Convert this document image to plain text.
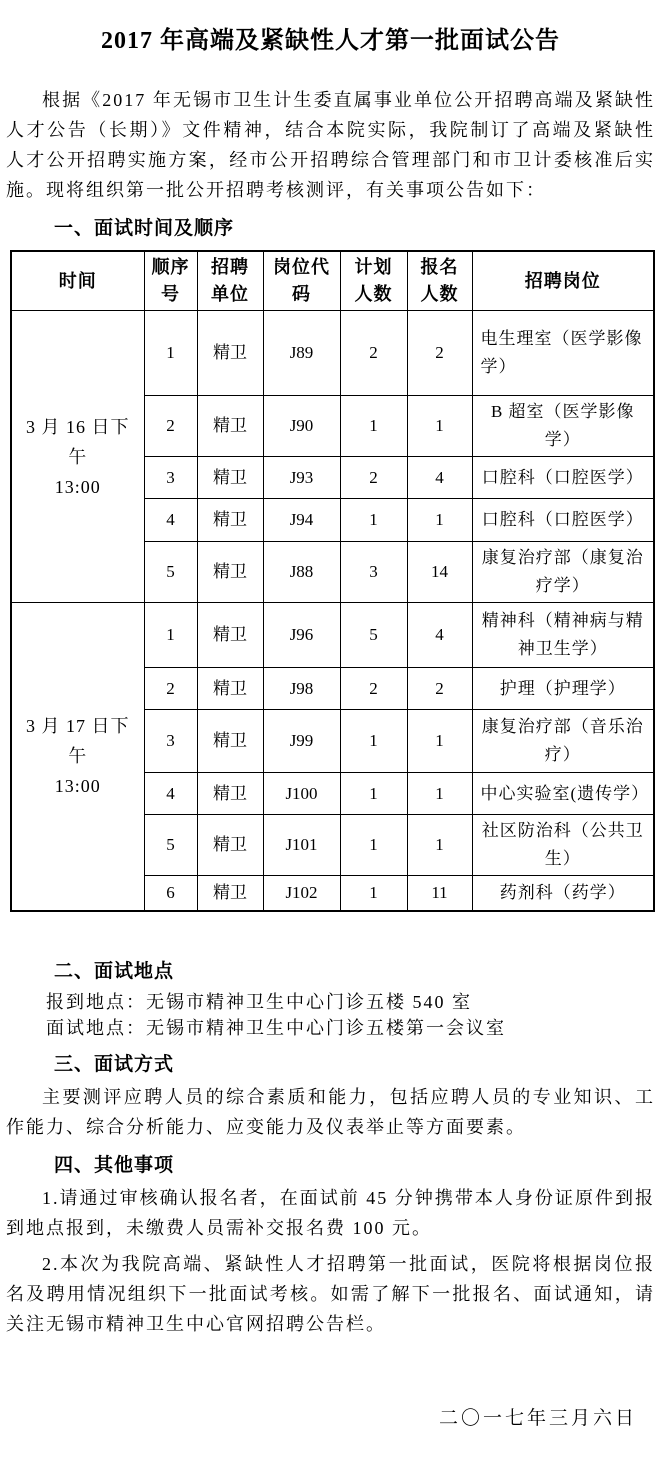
2017 年高端及紧缺性人才第一批面试公告

根据《2017 年无锡市卫生计生委直属事业单位公开招聘高端及紧缺性人才公告（长期）》文件精神，结合本院实际，我院制订了高端及紧缺性人才公开招聘实施方案，经市公开招聘综合管理部门和市卫计委核准后实施。现将组织第一批公开招聘考核测评，有关事项公告如下：

一、面试时间及顺序
时间	顺序号	招聘单位	岗位代码	计划人数	报名人数	招聘岗位

3 月 16 日下午
13:00	1	精卫	J89	2	2	电生理室（医学影像学）
	2	精卫	J90	1	1	B 超室（医学影像学）
	3	精卫	J93	2	4	口腔科（口腔医学）
	4	精卫	J94	1	1	口腔科（口腔医学）
	5	精卫	J88	3	14	康复治疗部（康复治疗学）

3 月 17 日下午
13:00	1	精卫	J96	5	4	精神科（精神病与精神卫生学）
	2	精卫	J98	2	2	护理（护理学）
	3	精卫	J99	1	1	康复治疗部（音乐治疗）
	4	精卫	J100	1	1	中心实验室(遗传学）
	5	精卫	J101	1	1	社区防治科（公共卫生）
	6	精卫	J102	1	11	药剂科（药学）
二、面试地点
报到地点：无锡市精神卫生中心门诊五楼 540 室
面试地点：无锡市精神卫生中心门诊五楼第一会议室
三、面试方式

主要测评应聘人员的综合素质和能力，包括应聘人员的专业知识、工作能力、综合分析能力、应变能力及仪表举止等方面要素。

四、其他事项

1.请通过审核确认报名者，在面试前 45 分钟携带本人身份证原件到报到地点报到，未缴费人员需补交报名费 100 元。

2.本次为我院高端、紧缺性人才招聘第一批面试，医院将根据岗位报名及聘用情况组织下一批面试考核。如需了解下一批报名、面试通知，请关注无锡市精神卫生中心官网招聘公告栏。

二〇一七年三月六日
